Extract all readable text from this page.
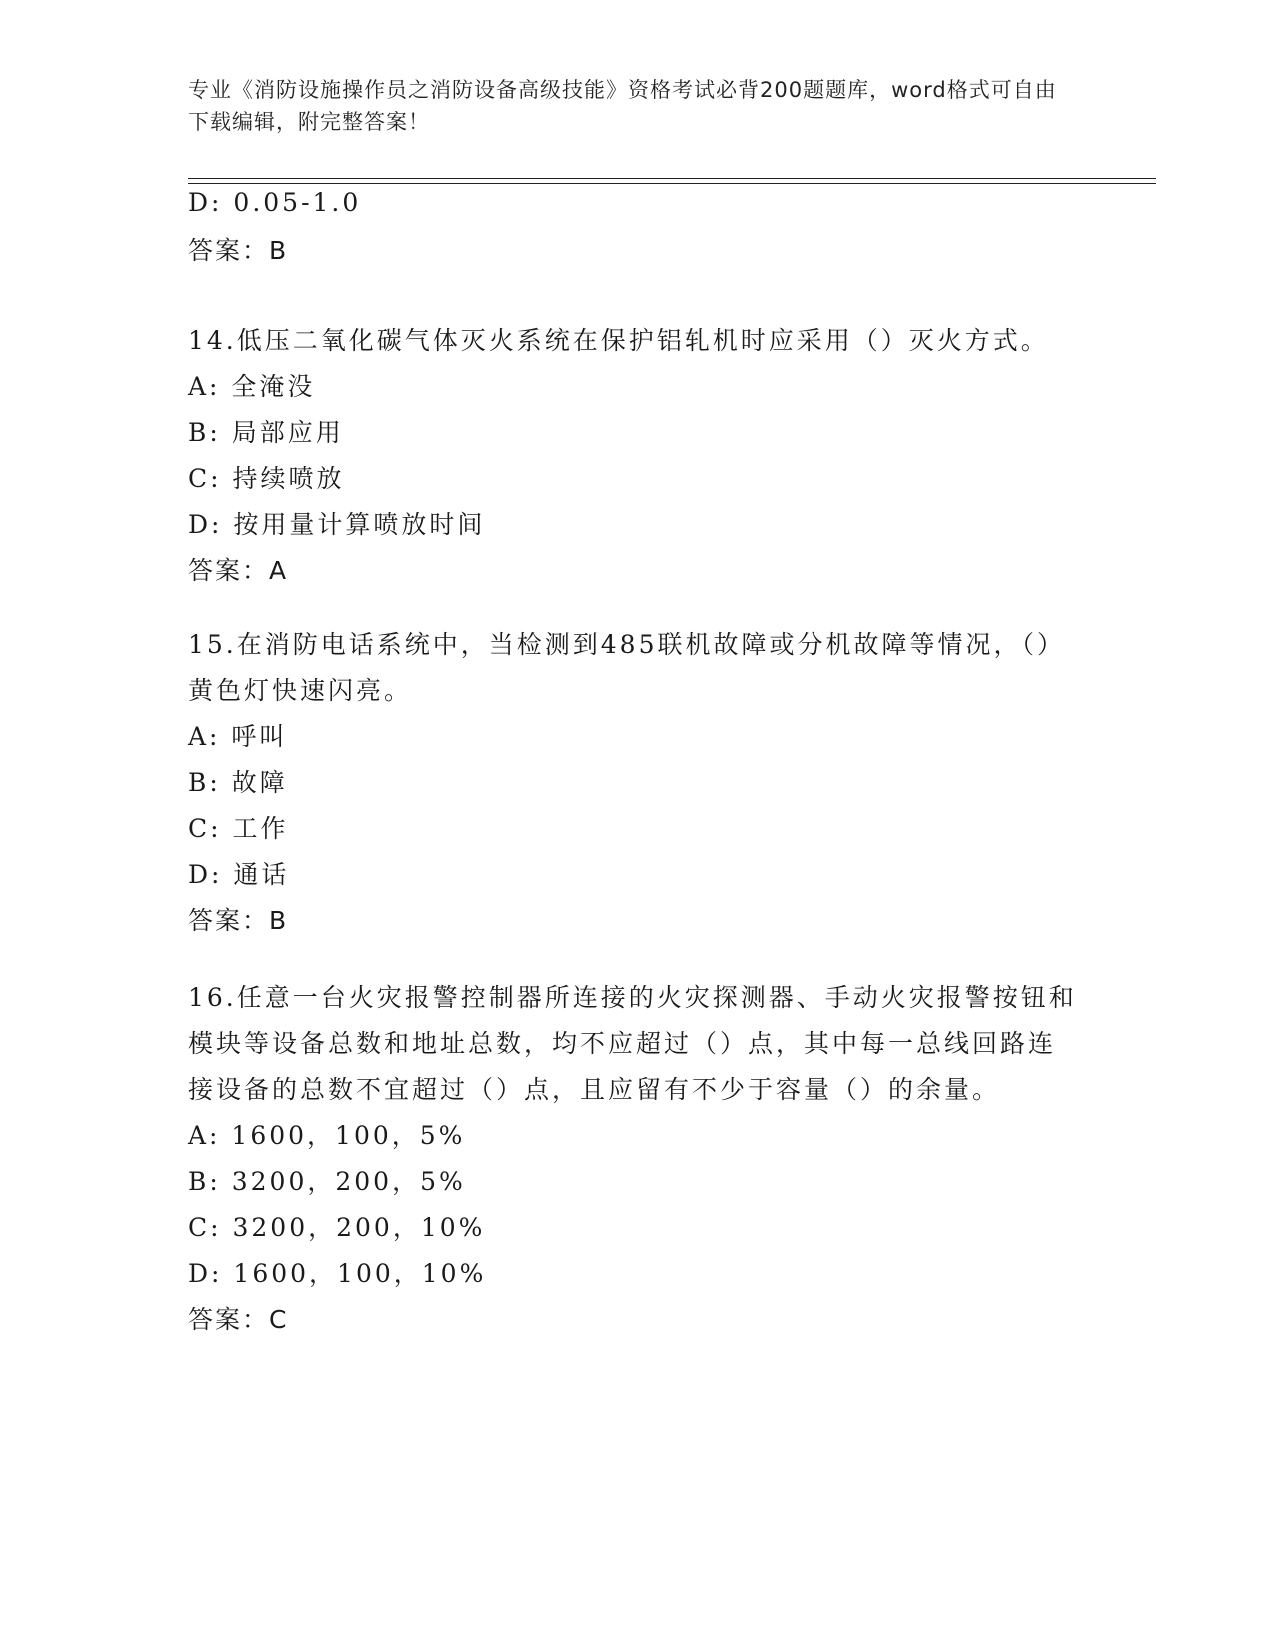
专业《消防设施操作员之消防设备高级技能》资格考试必背200题题库，word格式可自由下载编辑，附完整答案！
D: 0.05-1.0
答案：B
14.低压二氧化碳气体灭火系统在保护铝轧机时应采用（）灭火方式。
A: 全淹没
B: 局部应用
C: 持续喷放
D: 按用量计算喷放时间
答案：A
15.在消防电话系统中，当检测到485联机故障或分机故障等情况，（）黄色灯快速闪亮。
A: 呼叫
B: 故障
C: 工作
D: 通话
答案：B
16.任意一台火灾报警控制器所连接的火灾探测器、手动火灾报警按钮和模块等设备总数和地址总数，均不应超过（）点，其中每一总线回路连接设备的总数不宜超过（）点，且应留有不少于容量（）的余量。
A: 1600，100，5%
B: 3200，200，5%
C: 3200，200，10%
D: 1600，100，10%
答案：C
